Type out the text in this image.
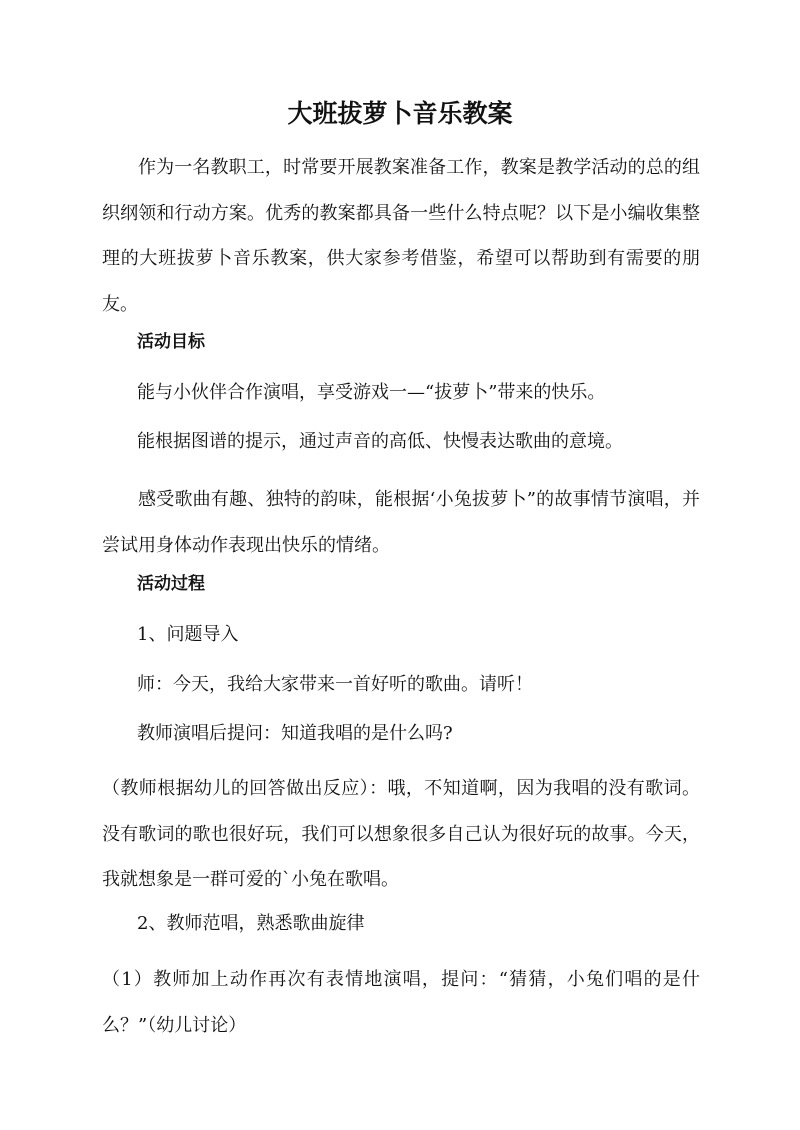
大班拔萝卜音乐教案

作为一名教职工，时常要开展教案准备工作，教案是教学活动的总的组织纲领和行动方案。优秀的教案都具备一些什么特点呢？以下是小编收集整理的大班拔萝卜音乐教案，供大家参考借鉴，希望可以帮助到有需要的朋友。

活动目标
能与小伙伴合作演唱，享受游戏一—“拔萝卜”带来的快乐。
能根据图谱的提示，通过声音的高低、快慢表达歌曲的意境。

感受歌曲有趣、独特的韵味，能根据‘小兔拔萝卜”的故事情节演唱，并尝试用身体动作表现出快乐的情绪。

活动过程
1、问题导入
师：今天，我给大家带来一首好听的歌曲。请听！
教师演唱后提问：知道我唱的是什么吗?

（教师根据幼儿的回答做出反应）：哦，不知道啊，因为我唱的没有歌词。没有歌词的歌也很好玩，我们可以想象很多自己认为很好玩的故事。今天，我就想象是一群可爱的`小兔在歌唱。

2、教师范唱，熟悉歌曲旋律

（1）教师加上动作再次有表情地演唱，提问：“猜猜，小兔们唱的是什么？”（幼儿讨论）
